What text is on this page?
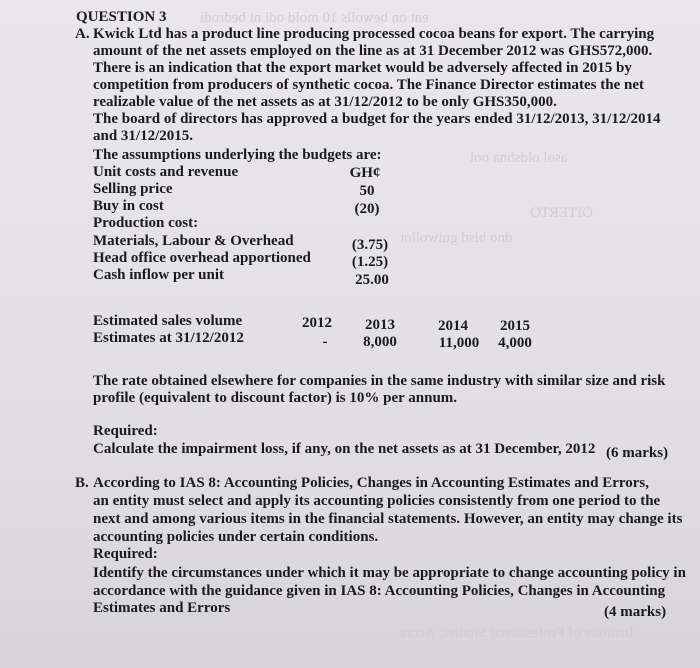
ent on bewolls 10 mold odi ni bedrodi
asol oldsbna ool
OITERTO
dno bisd guiwollot
Institute of Professional Studies, Accra
QUESTION 3
A. Kwick Ltd has a product line producing processed cocoa beans for export. The carrying
amount of the net assets employed on the line as at 31 December 2012 was GHS572,000.
There is an indication that the export market would be adversely affected in 2015 by
competition from producers of synthetic cocoa. The Finance Director estimates the net
realizable value of the net assets as at 31/12/2012 to be only GHS350,000.
The board of directors has approved a budget for the years ended 31/12/2013, 31/12/2014
and 31/12/2015.
The assumptions underlying the budgets are:
Unit costs and revenue	GH¢
Selling price	50
Buy in cost	(20)
Production cost:
Materials, Labour & Overhead	(3.75)
Head office overhead apportioned	(1.25)
Cash inflow per unit	25.00
Estimated sales volume	2012	2013	2014	2015
Estimates at 31/12/2012	-	8,000	11,000	4,000
The rate obtained elsewhere for companies in the same industry with similar size and risk
profile (equivalent to discount factor) is 10% per annum.
Required:
Calculate the impairment loss, if any, on the net assets as at 31 December, 2012 (6 marks)
B. According to IAS 8: Accounting Policies, Changes in Accounting Estimates and Errors,
an entity must select and apply its accounting policies consistently from one period to the
next and among various items in the financial statements. However, an entity may change its
accounting policies under certain conditions.
Required:
Identify the circumstances under which it may be appropriate to change accounting policy in
accordance with the guidance given in IAS 8: Accounting Policies, Changes in Accounting
Estimates and Errors	(4 marks)
